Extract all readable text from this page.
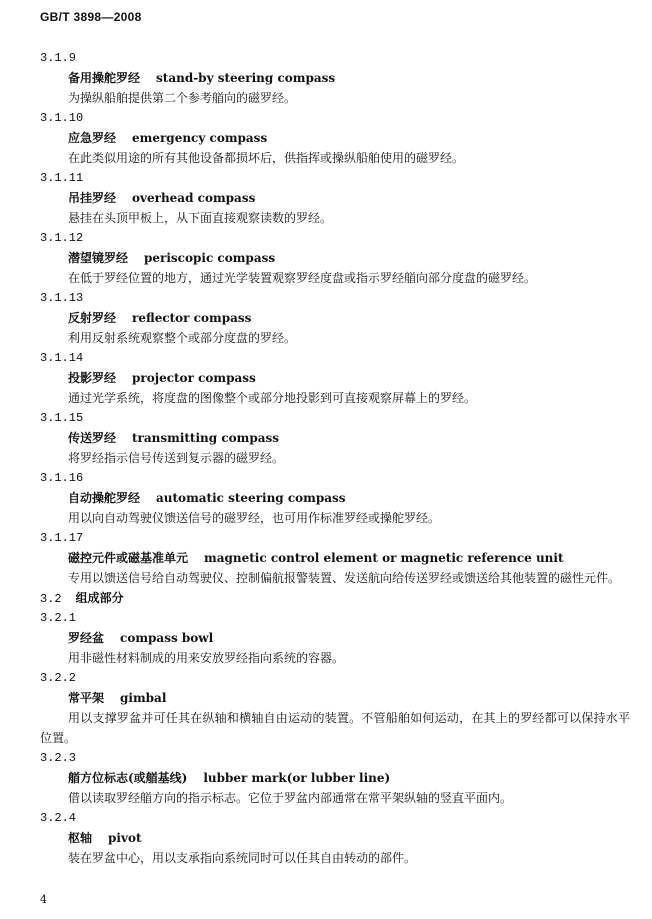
GB/T 3898—2008
3.1.9
备用操舵罗经 stand-by steering compass
为操纵船舶提供第二个参考艏向的磁罗经。
3.1.10
应急罗经 emergency compass
在此类似用途的所有其他设备都损坏后，供指挥或操纵船舶使用的磁罗经。
3.1.11
吊挂罗经 overhead compass
悬挂在头顶甲板上，从下面直接观察读数的罗经。
3.1.12
潜望镜罗经 periscopic compass
在低于罗经位置的地方，通过光学装置观察罗经度盘或指示罗经艏向部分度盘的磁罗经。
3.1.13
反射罗经 reflector compass
利用反射系统观察整个或部分度盘的罗经。
3.1.14
投影罗经 projector compass
通过光学系统，将度盘的图像整个或部分地投影到可直接观察屏幕上的罗经。
3.1.15
传送罗经 transmitting compass
将罗经指示信号传送到复示器的磁罗经。
3.1.16
自动操舵罗经 automatic steering compass
用以向自动驾驶仪馈送信号的磁罗经，也可用作标准罗经或操舵罗经。
3.1.17
磁控元件或磁基准单元 magnetic control element or magnetic reference unit
专用以馈送信号给自动驾驶仪、控制偏航报警装置、发送航向给传送罗经或馈送给其他装置的磁性元件。
3.2 组成部分
3.2.1
罗经盆 compass bowl
用非磁性材料制成的用来安放罗经指向系统的容器。
3.2.2
常平架 gimbal
用以支撑罗盆并可任其在纵轴和横轴自由运动的装置。不管船舶如何运动，在其上的罗经都可以保持水平位置。
3.2.3
艏方位标志(或艏基线) lubber mark(or lubber line)
借以读取罗经艏方向的指示标志。它位于罗盆内部通常在常平架纵轴的竖直平面内。
3.2.4
枢轴 pivot
装在罗盆中心，用以支承指向系统同时可以任其自由转动的部件。
4
